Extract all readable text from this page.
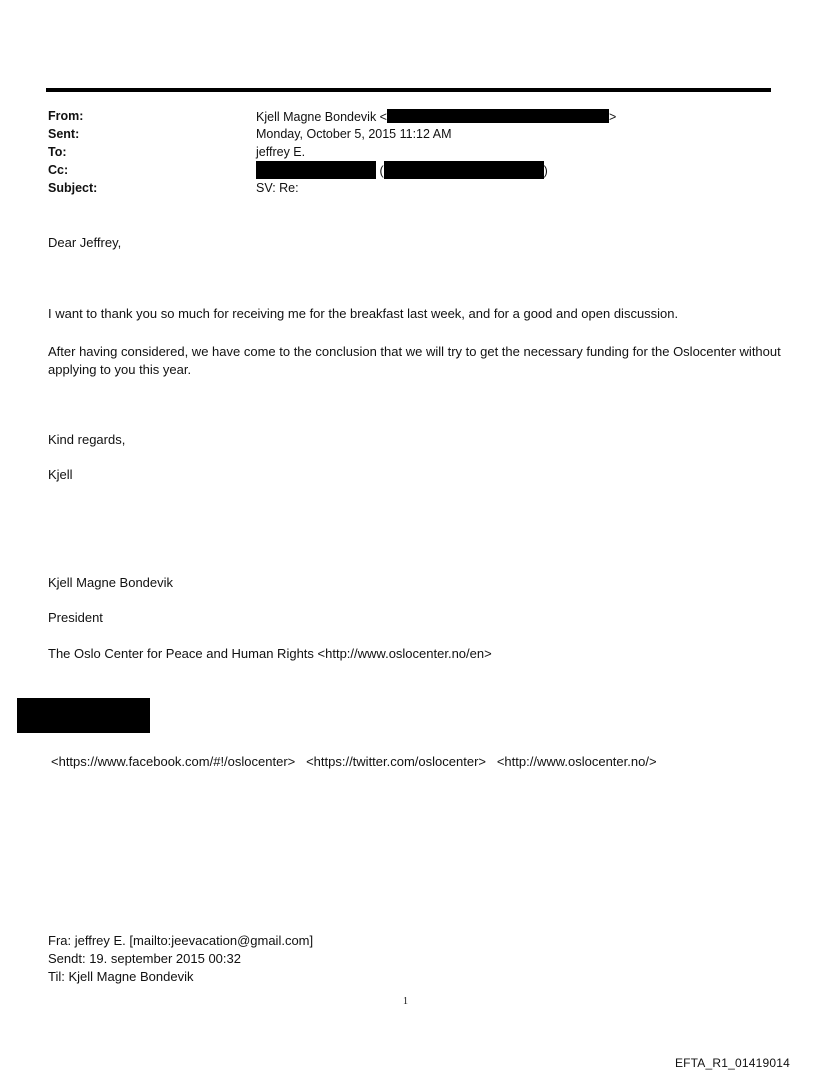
From:	Kjell Magne Bondevik <	>
Sent:	Monday, October 5, 2015 11:12 AM
To:	jeffrey E.
Cc:	(	)
Subject:	SV: Re:
Dear Jeffrey,
I want to thank you so much for receiving me for the breakfast last week, and for a good and open discussion.
After having considered, we have come to the conclusion that we will try to get the necessary funding for the Oslocenter without applying to you this year.
Kind regards,
Kjell
Kjell Magne Bondevik
President
The Oslo Center for Peace and Human Rights <http://www.oslocenter.no/en>
<https://www.facebook.com/#!/oslocenter>   <https://twitter.com/oslocenter>   <http://www.oslocenter.no/>
Fra: jeffrey E. [mailto:jeevacation@gmail.com]
Sendt: 19. september 2015 00:32
Til: Kjell Magne Bondevik
1
EFTA_R1_01419014
